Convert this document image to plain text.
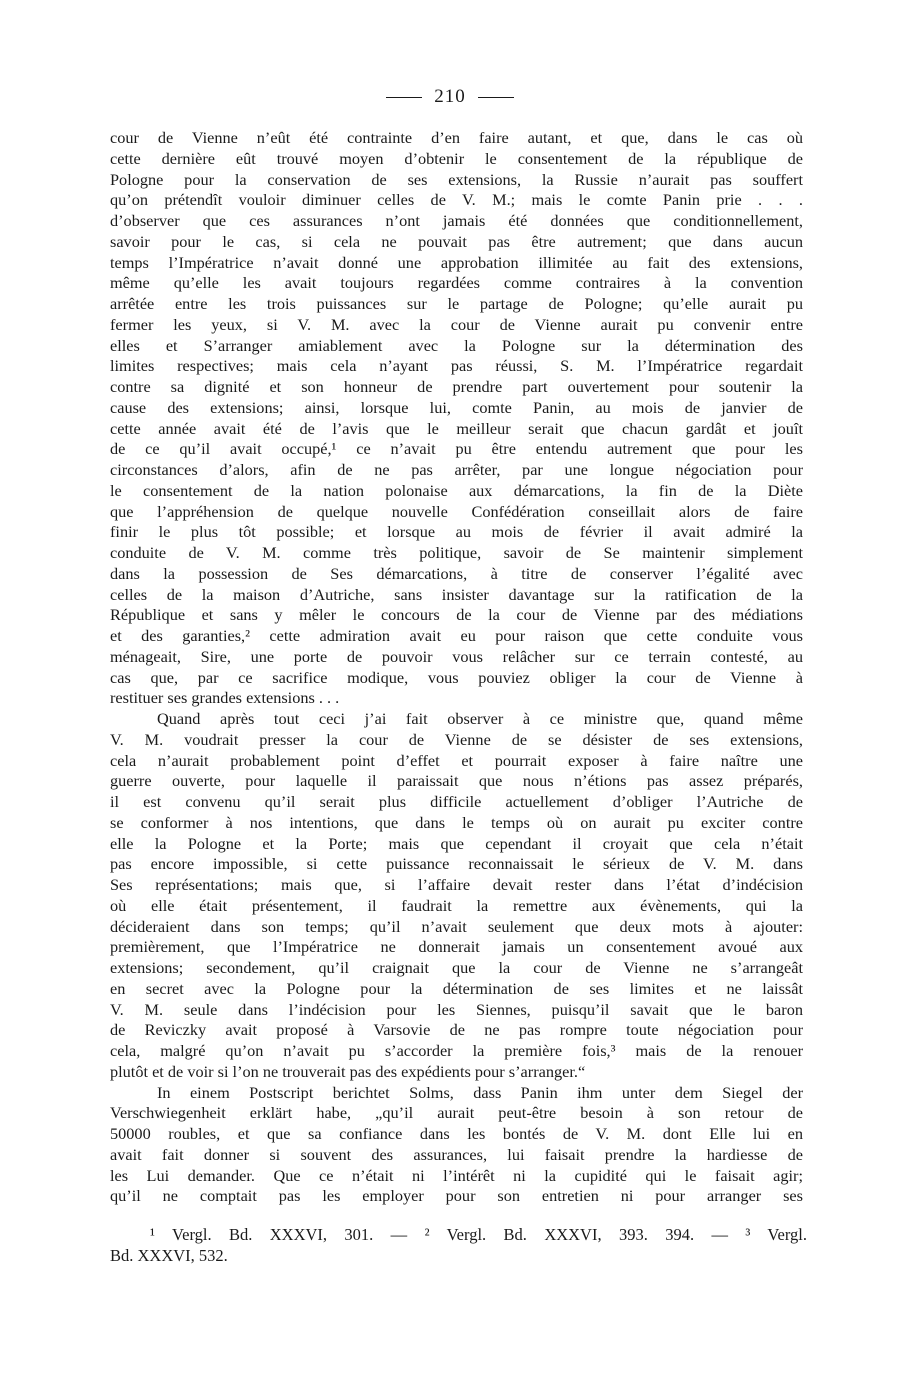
210
cour de Vienne n’eût été contrainte d’en faire autant, et que, dans le cas où
cette dernière eût trouvé moyen d’obtenir le consentement de la république de
Pologne pour la conservation de ses extensions, la Russie n’aurait pas souffert
qu’on prétendît vouloir diminuer celles de V. M.; mais le comte Panin prie . . .
d’observer que ces assurances n’ont jamais été données que conditionnellement,
savoir pour le cas, si cela ne pouvait pas être autrement; que dans aucun
temps l’Impératrice n’avait donné une approbation illimitée au fait des extensions,
même qu’elle les avait toujours regardées comme contraires à la convention
arrêtée entre les trois puissances sur le partage de Pologne; qu’elle aurait pu
fermer les yeux, si V. M. avec la cour de Vienne aurait pu convenir entre
elles et S’arranger amiablement avec la Pologne sur la détermination des
limites respectives; mais cela n’ayant pas réussi, S. M. l’Impératrice regardait
contre sa dignité et son honneur de prendre part ouvertement pour soutenir la
cause des extensions; ainsi, lorsque lui, comte Panin, au mois de janvier de
cette année avait été de l’avis que le meilleur serait que chacun gardât et jouît
de ce qu’il avait occupé,¹ ce n’avait pu être entendu autrement que pour les
circonstances d’alors, afin de ne pas arrêter, par une longue négociation pour
le consentement de la nation polonaise aux démarcations, la fin de la Diète
que l’appréhension de quelque nouvelle Confédération conseillait alors de faire
finir le plus tôt possible; et lorsque au mois de février il avait admiré la
conduite de V. M. comme très politique, savoir de Se maintenir simplement
dans la possession de Ses démarcations, à titre de conserver l’égalité avec
celles de la maison d’Autriche, sans insister davantage sur la ratification de la
République et sans y mêler le concours de la cour de Vienne par des médiations
et des garanties,² cette admiration avait eu pour raison que cette conduite vous
ménageait, Sire, une porte de pouvoir vous relâcher sur ce terrain contesté, au
cas que, par ce sacrifice modique, vous pouviez obliger la cour de Vienne à
restituer ses grandes extensions . . .
Quand après tout ceci j’ai fait observer à ce ministre que, quand même
V. M. voudrait presser la cour de Vienne de se désister de ses extensions,
cela n’aurait probablement point d’effet et pourrait exposer à faire naître une
guerre ouverte, pour laquelle il paraissait que nous n’étions pas assez préparés,
il est convenu qu’il serait plus difficile actuellement d’obliger l’Autriche de
se conformer à nos intentions, que dans le temps où on aurait pu exciter contre
elle la Pologne et la Porte; mais que cependant il croyait que cela n’était
pas encore impossible, si cette puissance reconnaissait le sérieux de V. M. dans
Ses représentations; mais que, si l’affaire devait rester dans l’état d’indécision
où elle était présentement, il faudrait la remettre aux évènements, qui la
décideraient dans son temps; qu’il n’avait seulement que deux mots à ajouter:
premièrement, que l’Impératrice ne donnerait jamais un consentement avoué aux
extensions; secondement, qu’il craignait que la cour de Vienne ne s’arrangeât
en secret avec la Pologne pour la détermination de ses limites et ne laissât
V. M. seule dans l’indécision pour les Siennes, puisqu’il savait que le baron
de Reviczky avait proposé à Varsovie de ne pas rompre toute négociation pour
cela, malgré qu’on n’avait pu s’accorder la première fois,³ mais de la renouer
plutôt et de voir si l’on ne trouverait pas des expédients pour s’arranger.“
In einem Postscript berichtet Solms, dass Panin ihm unter dem Siegel der
Verschwiegenheit erklärt habe, „qu’il aurait peut-être besoin à son retour de
50000 roubles, et que sa confiance dans les bontés de V. M. dont Elle lui en
avait fait donner si souvent des assurances, lui faisait prendre la hardiesse de
les Lui demander. Que ce n’était ni l’intérêt ni la cupidité qui le faisait agir;
qu’il ne comptait pas les employer pour son entretien ni pour arranger ses
¹ Vergl. Bd. XXXVI, 301. — ² Vergl. Bd. XXXVI, 393. 394. — ³ Vergl.
Bd. XXXVI, 532.
